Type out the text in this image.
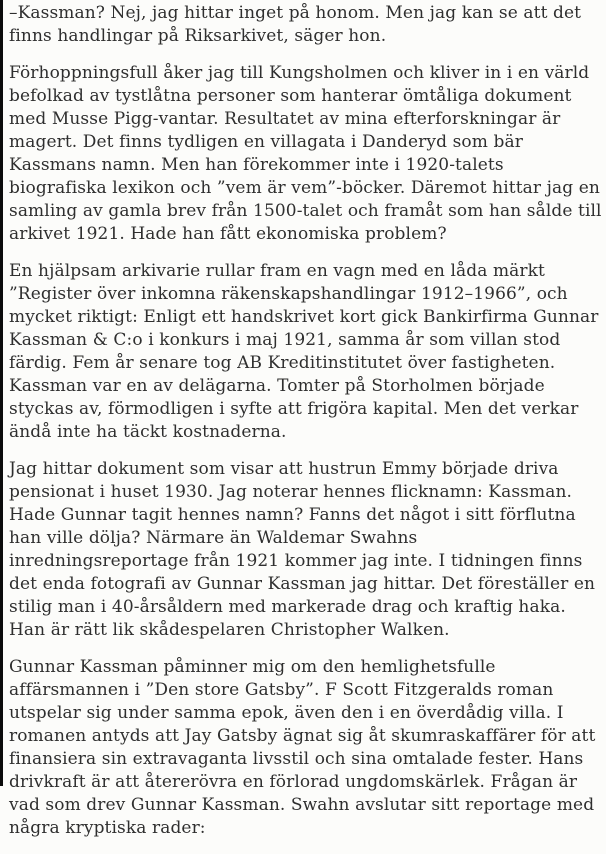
–Kassman? Nej, jag hittar inget på honom. Men jag kan se att det finns handlingar på Riksarkivet, säger hon.

Förhoppningsfull åker jag till Kungsholmen och kliver in i en värld befolkad av tystlåtna personer som hanterar ömtåliga dokument med Musse Pigg-vantar. Resultatet av mina efterforskningar är magert. Det finns tydligen en villagata i Danderyd som bär Kassmans namn. Men han förekommer inte i 1920-talets biografiska lexikon och ”vem är vem”-böcker. Däremot hittar jag en samling av gamla brev från 1500-talet och framåt som han sålde till arkivet 1921. Hade han fått ekonomiska problem?

En hjälpsam arkivarie rullar fram en vagn med en låda märkt ”Register över inkomna räkenskapshandlingar 1912–1966”, och mycket riktigt: Enligt ett handskrivet kort gick Bankirfirma Gunnar Kassman & C:o i konkurs i maj 1921, samma år som villan stod färdig. Fem år senare tog AB Kreditinstitutet över fastigheten. Kassman var en av delägarna. Tomter på Storholmen började styckas av, förmodligen i syfte att frigöra kapital. Men det verkar ändå inte ha täckt kostnaderna.

Jag hittar dokument som visar att hustrun Emmy började driva pensionat i huset 1930. Jag noterar hennes flicknamn: Kassman. Hade Gunnar tagit hennes namn? Fanns det något i sitt förflutna han ville dölja? Närmare än Waldemar Swahns inredningsreportage från 1921 kommer jag inte. I tidningen finns det enda fotografi av Gunnar Kassman jag hittar. Det föreställer en stilig man i 40-årsåldern med markerade drag och kraftig haka. Han är rätt lik skådespelaren Christopher Walken.

Gunnar Kassman påminner mig om den hemlighetsfulle affärsmannen i ”Den store Gatsby”. F Scott Fitzgeralds roman utspelar sig under samma epok, även den i en överdådig villa. I romanen antyds att Jay Gatsby ägnat sig åt skumraskaffärer för att finansiera sin extravaganta livsstil och sina omtalade fester. Hans drivkraft är att återerövra en förlorad ungdomskärlek. Frågan är vad som drev Gunnar Kassman. Swahn avslutar sitt reportage med några kryptiska rader:
